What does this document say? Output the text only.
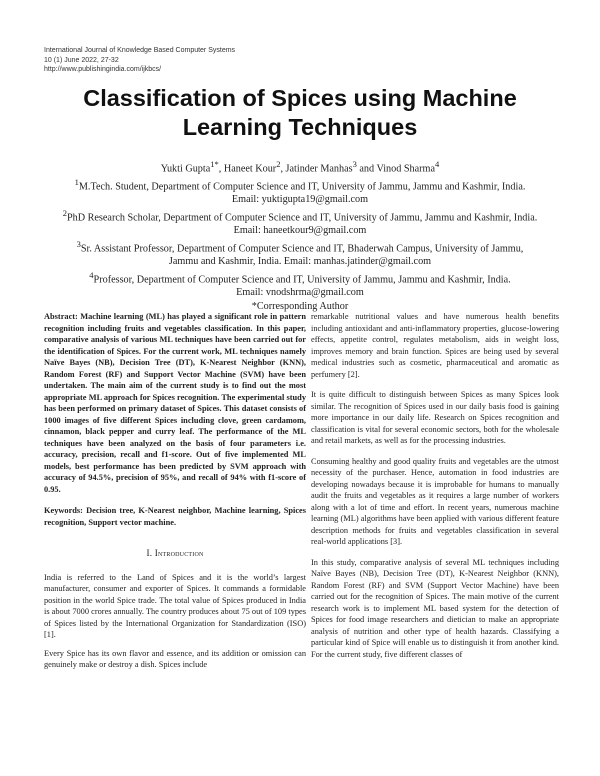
International Journal of Knowledge Based Computer Systems
10 (1) June 2022, 27-32
http://www.publishingindia.com/ijkbcs/
Classification of Spices using Machine Learning Techniques
Yukti Gupta$^{1*}$, Haneet Kour$^2$, Jatinder Manhas$^3$ and Vinod Sharma$^4$
$^1$M.Tech. Student, Department of Computer Science and IT, University of Jammu, Jammu and Kashmir, India.
Email: yuktigupta19@gmail.com
$^2$PhD Research Scholar, Department of Computer Science and IT, University of Jammu, Jammu and Kashmir, India.
Email: haneetkour9@gmail.com
$^3$Sr. Assistant Professor, Department of Computer Science and IT, Bhaderwah Campus, University of Jammu,
Jammu and Kashmir, India. Email: manhas.jatinder@gmail.com
$^4$Professor, Department of Computer Science and IT, University of Jammu, Jammu and Kashmir, India.
Email: vnodshrma@gmail.com
*Corresponding Author

Abstract: Machine learning (ML) has played a significant role in pattern recognition including fruits and vegetables classification. In this paper, comparative analysis of various ML techniques have been carried out for the identification of Spices. For the current work, ML techniques namely Naïve Bayes (NB), Decision Tree (DT), K-Nearest Neighbor (KNN), Random Forest (RF) and Support Vector Machine (SVM) have been undertaken. The main aim of the current study is to find out the most appropriate ML approach for Spices recognition. The experimental study has been performed on primary dataset of Spices. This dataset consists of 1000 images of five different Spices including clove, green cardamom, cinnamon, black pepper and curry leaf. The performance of the ML techniques have been analyzed on the basis of four parameters i.e. accuracy, precision, recall and f1-score. Out of five implemented ML models, best performance has been predicted by SVM approach with accuracy of 94.5%, precision of 95%, and recall of 94% with f1-score of 0.95.

Keywords: Decision tree, K-Nearest neighbor, Machine learning, Spices recognition, Support vector machine.

I. Introduction

India is referred to the Land of Spices and it is the world’s largest manufacturer, consumer and exporter of Spices. It commands a formidable position in the world Spice trade. The total value of Spices produced in India is about 7000 crores annually. The country produces about 75 out of 109 types of Spices listed by the International Organization for Standardization (ISO) [1].

Every Spice has its own flavor and essence, and its addition or omission can genuinely make or destroy a dish. Spices include

remarkable nutritional values and have numerous health benefits including antioxidant and anti-inflammatory properties, glucose-lowering effects, appetite control, regulates metabolism, aids in weight loss, improves memory and brain function. Spices are being used by several medical industries such as cosmetic, pharmaceutical and aromatic as perfumery [2].

It is quite difficult to distinguish between Spices as many Spices look similar. The recognition of Spices used in our daily basis food is gaining more importance in our daily life. Research on Spices recognition and classification is vital for several economic sectors, both for the wholesale and retail markets, as well as for the processing industries.

Consuming healthy and good quality fruits and vegetables are the utmost necessity of the purchaser. Hence, automation in food industries are developing nowadays because it is improbable for humans to manually audit the fruits and vegetables as it requires a large number of workers along with a lot of time and effort. In recent years, numerous machine learning (ML) algorithms have been applied with various different feature description methods for fruits and vegetables classification in several real-world applications [3].

In this study, comparative analysis of several ML techniques including Naïve Bayes (NB), Decision Tree (DT), K-Nearest Neighbor (KNN), Random Forest (RF) and SVM (Support Vector Machine) have been carried out for the recognition of Spices. The main motive of the current research work is to implement ML based system for the detection of Spices for food image researchers and dietician to make an appropriate analysis of nutrition and other type of health hazards. Classifying a particular kind of Spice will enable us to distinguish it from another kind. For the current study, five different classes of
